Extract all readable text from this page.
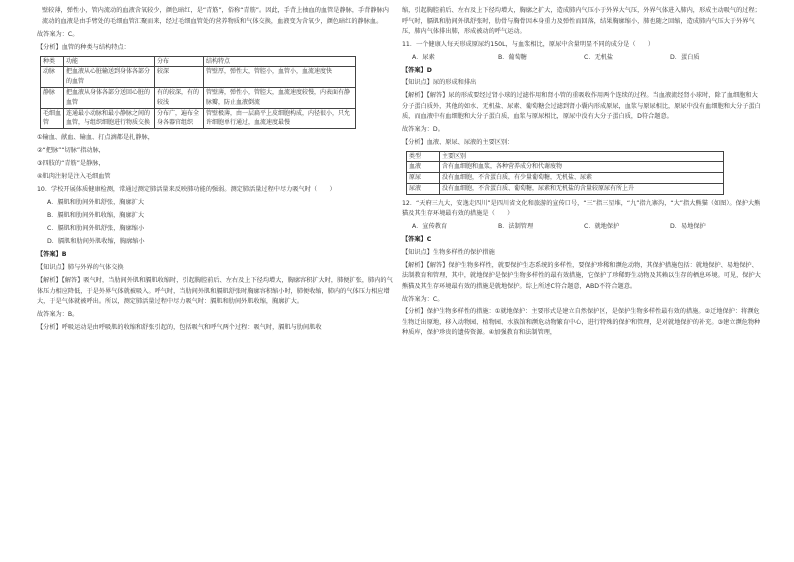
壁较薄，弹性小，管内流动的血液含氧较少，颜色暗红，是“青筋”，俗称“青筋”。因此，手背上抽血的血管是静脉，手背静脉内流动的血液是由手臂处的毛细血管汇聚而来，经过毛细血管处的营养物质和气体交换，血液变为含氧少，颜色暗红的静脉血。
故答案为：C。
【分析】血管的种类与结构特点：
种类	功能	分布	结构特点
动脉	把血液从心脏输送到身体各部分的血管	较深	管壁厚，弹性大，管腔小，血管小，血流速度快
静脉	把血液从身体各部分送回心脏的血管	有的较深，有的较浅	管壁薄，弹性小，管腔大，血流速度较慢，内表面有静脉瓣，防止血液倒流
毛细血管	连通最小动脉和最小静脉之间的血管，与组织细胞进行物质交换	分布广，遍布全身各器官组织	管壁极薄，由一层扁平上皮细胞构成，内径很小，只允许细胞单行通过，血流速度最慢
①输血、献血、输血、打点滴都是扎静脉，
②“把脉”“切脉”指动脉，
③四肢的“青筋”是静脉，
④肌肉注射是注入毛细血管
10．学校开展体质健康检测，常通过测定肺活量来反映肺功能的强弱。测定肺活量过程中尽力吸气时（　　）
A．膈肌和肋间外肌舒张，胸廓扩大
B．膈肌和肋间外肌收缩，胸廓扩大
C．膈肌和肋间外肌舒张，胸廓缩小
D．膈肌和肋间外肌收缩，胸廓缩小
【答案】B
【知识点】肺与外界的气体交换
【解析】【解答】吸气时，当肋间外肌和膈肌收缩时，引起胸腔前后、左右及上下径均增大，胸廓容积扩大时，肺便扩张，肺内的气体压力相应降低，于是外界气体就被吸入。呼气时，当肋间外肌和膈肌舒张时胸廓容积缩小时，肺便收缩，肺内的气体压力相应增大，于是气体就被呼出。所以，测定肺活量过程中尽力吸气时：膈肌和肋间外肌收缩，胸廓扩大。
故答案为：B。
【分析】呼吸运动是由呼吸肌的收缩和舒张引起的，包括吸气和呼气两个过程：吸气时，膈肌与肋间肌收
缩，引起胸腔前后、左右及上下径均增大，胸廓之扩大，造成肺内气压小于外界大气压，外界气体进入肺内，形成主动吸气的过程；呼气时，膈肌和肋间外肌舒张时，肋骨与胸骨因本身重力及弹性而回落，结果胸廓缩小，肺也随之回缩，造成肺内气压大于外界气压，肺内气体排出肺，形成被动的呼气运动。
11．一个健康人每天形成原尿约150L，与血浆相比，原尿中含量明显不同的成分是（　　）
A．尿素	B．葡萄糖	C．无机盐	D．蛋白质
【答案】D
【知识点】尿的形成和排出
【解析】【解答】尿的形成要经过肾小球的过滤作用和肾小管的重吸收作用两个连续的过程。当血液流经肾小球时，除了血细胞和大分子蛋白质外，其他的如水、无机盐、尿素、葡萄糖会过滤到肾小囊内形成原尿，血浆与原尿相比，原尿中没有血细胞和大分子蛋白质，而血液中有血细胞和大分子蛋白质，血浆与原尿相比，原尿中没有大分子蛋白质，D符合题意。
故答案为：D。
【分析】血液、原尿、尿液的主要区别：
类型	主要区别
血液	含有血细胞和血浆，各种营养成分和代谢废物
原尿	没有血细胞，不含蛋白质，有少量葡萄糖，无机盐、尿素
尿液	没有血细胞，不含蛋白质、葡萄糖，尿素和无机盐的含量较原尿有所上升
12．“天府三九大，安逸走四川”是四川省文化和旅游的宣传口号，“三”指三星堆，“九”指九寨沟，“大”指大熊猫（如图）。保护大熊猫及其生存环境最有效的措施是（　　）
A．宣传教育	B．法制管理	C．就地保护	D．易地保护
【答案】C
【知识点】生物多样性的保护措施
【解析】【解答】保护生物多样性，就要保护生态系统的多样性，要保护珍稀和濒危动物，其保护措施包括：就地保护、易地保护、法制教育和管理，其中，就地保护是保护生物多样性的最有效措施，它保护了珍稀野生动物及其赖以生存的栖息环境。可见，保护大熊猫及其生存环境最有效的措施是就地保护。综上所述C符合题意，ABD不符合题意。
故答案为：C。
【分析】保护生物多样性的措施：①就地保护：主要形式是建立自然保护区，是保护生物多样性最有效的措施。②迁地保护：将濒危生物迁出原地，移入动物园、植物园、水族馆和濒危动物繁育中心，进行特殊的保护和管理，是对就地保护的补充。③建立濒危物种种质库，保护珍贵的遗传资源。④加强教育和法制管理，
